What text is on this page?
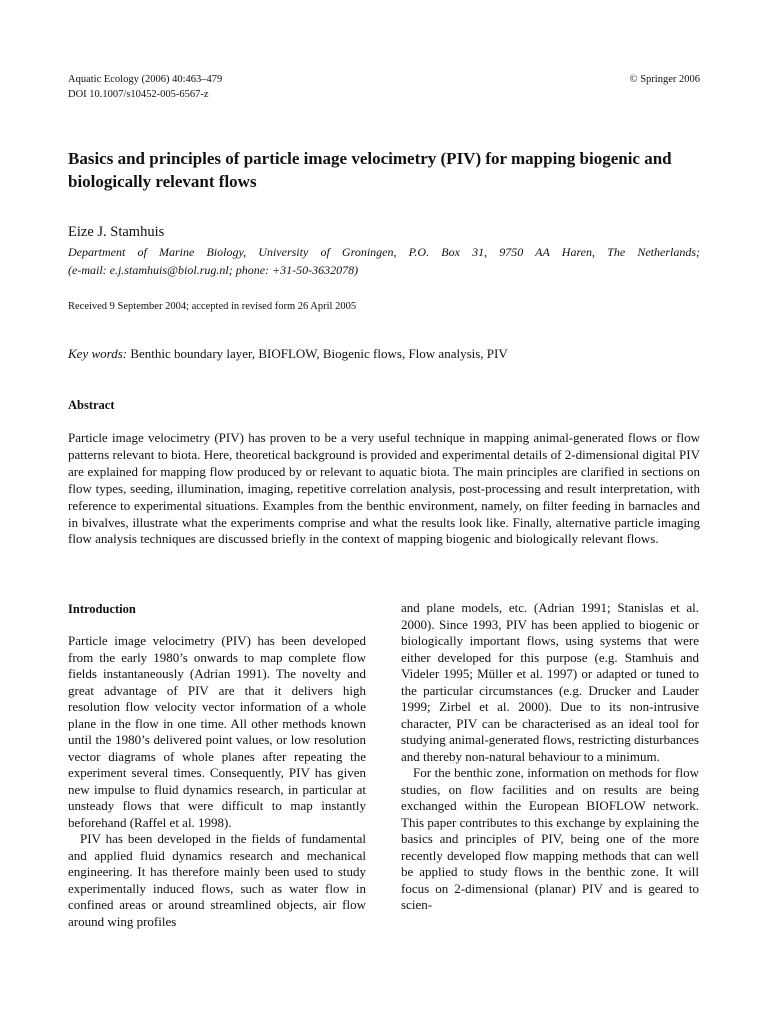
Aquatic Ecology (2006) 40:463–479
DOI 10.1007/s10452-005-6567-z
© Springer 2006
Basics and principles of particle image velocimetry (PIV) for mapping biogenic and biologically relevant flows
Eize J. Stamhuis
Department of Marine Biology, University of Groningen, P.O. Box 31, 9750 AA Haren, The Netherlands;
(e-mail: e.j.stamhuis@biol.rug.nl; phone: +31-50-3632078)
Received 9 September 2004; accepted in revised form 26 April 2005
Key words: Benthic boundary layer, BIOFLOW, Biogenic flows, Flow analysis, PIV
Abstract

Particle image velocimetry (PIV) has proven to be a very useful technique in mapping animal-generated flows or flow patterns relevant to biota. Here, theoretical background is provided and experimental details of 2-dimensional digital PIV are explained for mapping flow produced by or relevant to aquatic biota. The main principles are clarified in sections on flow types, seeding, illumination, imaging, repetitive correlation analysis, post-processing and result interpretation, with reference to experimental situations. Examples from the benthic environment, namely, on filter feeding in barnacles and in bivalves, illustrate what the experiments comprise and what the results look like. Finally, alternative particle imaging flow analysis techniques are discussed briefly in the context of mapping biogenic and biologically relevant flows.

Introduction

Particle image velocimetry (PIV) has been developed from the early 1980’s onwards to map complete flow fields instantaneously (Adrian 1991). The novelty and great advantage of PIV are that it delivers high resolution flow velocity vector information of a whole plane in the flow in one time. All other methods known until the 1980’s delivered point values, or low resolution vector diagrams of whole planes after repeating the experiment several times. Consequently, PIV has given new impulse to fluid dynamics research, in particular at unsteady flows that were difficult to map instantly beforehand (Raffel et al. 1998).

PIV has been developed in the fields of fundamental and applied fluid dynamics research and mechanical engineering. It has therefore mainly been used to study experimentally induced flows, such as water flow in confined areas or around streamlined objects, air flow around wing profiles

and plane models, etc. (Adrian 1991; Stanislas et al. 2000). Since 1993, PIV has been applied to biogenic or biologically important flows, using systems that were either developed for this purpose (e.g. Stamhuis and Videler 1995; Müller et al. 1997) or adapted or tuned to the particular circumstances (e.g. Drucker and Lauder 1999; Zirbel et al. 2000). Due to its non-intrusive character, PIV can be characterised as an ideal tool for studying animal-generated flows, restricting disturbances and thereby non-natural behaviour to a minimum.

For the benthic zone, information on methods for flow studies, on flow facilities and on results are being exchanged within the European BIOFLOW network. This paper contributes to this exchange by explaining the basics and principles of PIV, being one of the more recently developed flow mapping methods that can well be applied to study flows in the benthic zone. It will focus on 2-dimensional (planar) PIV and is geared to scien-
